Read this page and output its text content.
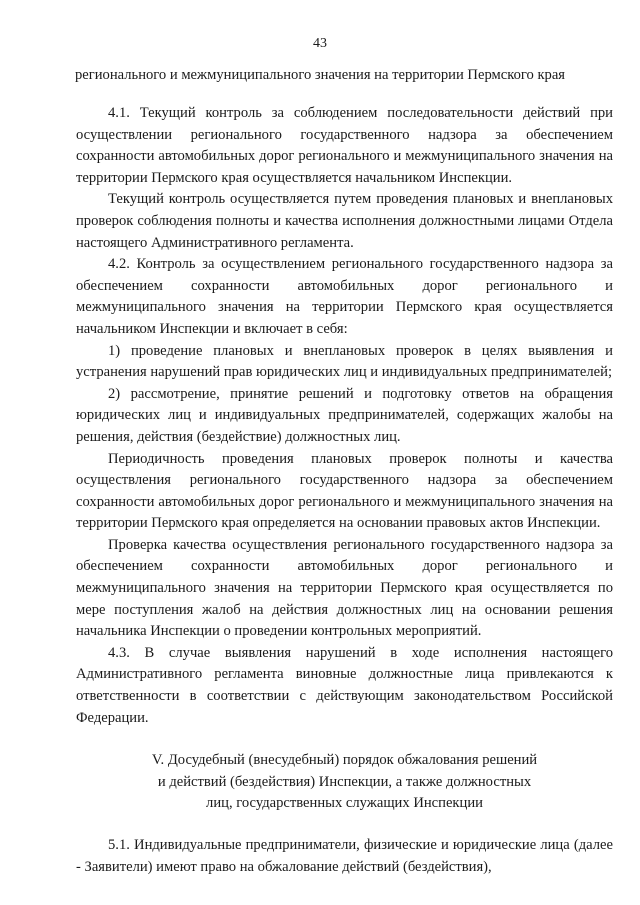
43
регионального и межмуниципального значения на территории Пермского края

4.1. Текущий контроль за соблюдением последовательности действий при осуществлении регионального государственного надзора за обеспечением сохранности автомобильных дорог регионального и межмуниципального значения на территории Пермского края осуществляется начальником Инспекции.

Текущий контроль осуществляется путем проведения плановых и внеплановых проверок соблюдения полноты и качества исполнения должностными лицами Отдела настоящего Административного регламента.

4.2. Контроль за осуществлением регионального государственного надзора за обеспечением сохранности автомобильных дорог регионального и межмуниципального значения на территории Пермского края осуществляется начальником Инспекции и включает в себя:

1) проведение плановых и внеплановых проверок в целях выявления и устранения нарушений прав юридических лиц и индивидуальных предпринимателей;

2) рассмотрение, принятие решений и подготовку ответов на обращения юридических лиц и индивидуальных предпринимателей, содержащих жалобы на решения, действия (бездействие) должностных лиц.

Периодичность проведения плановых проверок полноты и качества осуществления регионального государственного надзора за обеспечением сохранности автомобильных дорог регионального и межмуниципального значения на территории Пермского края определяется на основании правовых актов Инспекции.

Проверка качества осуществления регионального государственного надзора за обеспечением сохранности автомобильных дорог регионального и межмуниципального значения на территории Пермского края осуществляется по мере поступления жалоб на действия должностных лиц на основании решения начальника Инспекции о проведении контрольных мероприятий.

4.3. В случае выявления нарушений в ходе исполнения настоящего Административного регламента виновные должностные лица привлекаются к ответственности в соответствии с действующим законодательством Российской Федерации.

V. Досудебный (внесудебный) порядок обжалования решений
и действий (бездействия) Инспекции, а также должностных
лиц, государственных служащих Инспекции

5.1. Индивидуальные предприниматели, физические и юридические лица (далее - Заявители) имеют право на обжалование действий (бездействия),
